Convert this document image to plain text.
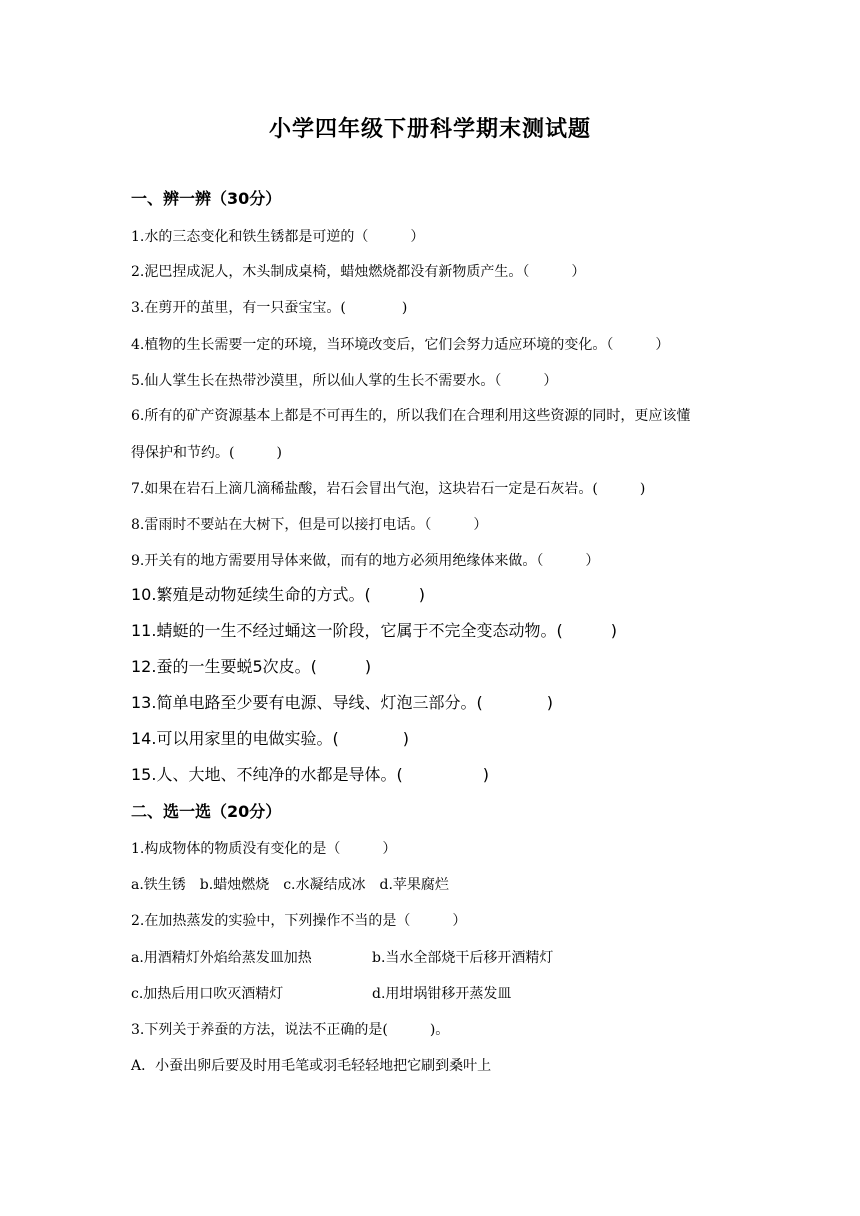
小学四年级下册科学期末测试题
一、辨一辨（30分）
1.水的三态变化和铁生锈都是可逆的（　　　）
2.泥巴捏成泥人，木头制成桌椅，蜡烛燃烧都没有新物质产生。（　　　）
3.在剪开的茧里，有一只蚕宝宝。(　　　　)
4.植物的生长需要一定的环境，当环境改变后，它们会努力适应环境的变化。（　　　）
5.仙人掌生长在热带沙漠里，所以仙人掌的生长不需要水。（　　　）
6.所有的矿产资源基本上都是不可再生的，所以我们在合理利用这些资源的同时，更应该懂
得保护和节约。(　　　)
7.如果在岩石上滴几滴稀盐酸，岩石会冒出气泡，这块岩石一定是石灰岩。(　　　)
8.雷雨时不要站在大树下，但是可以接打电话。（　　　）
9.开关有的地方需要用导体来做，而有的地方必须用绝缘体来做。（　　　）
10.繁殖是动物延续生命的方式。(　　　)
11.蜻蜓的一生不经过蛹这一阶段，它属于不完全变态动物。(　　　)
12.蚕的一生要蜕5次皮。(　　　)
13.简单电路至少要有电源、导线、灯泡三部分。(　　　　)
14.可以用家里的电做实验。(　　　　)
15.人、大地、不纯净的水都是导体。(　　　　　)
二、选一选（20分）
1.构成物体的物质没有变化的是（　　　）
a.铁生锈　b.蜡烛燃烧　c.水凝结成冰　d.苹果腐烂
2.在加热蒸发的实验中，下列操作不当的是（　　　）
a.用酒精灯外焰给蒸发皿加热	b.当水全部烧干后移开酒精灯
c.加热后用口吹灭酒精灯	d.用坩埚钳移开蒸发皿
3.下列关于养蚕的方法，说法不正确的是(　　　)。
A．小蚕出卵后要及时用毛笔或羽毛轻轻地把它刷到桑叶上
